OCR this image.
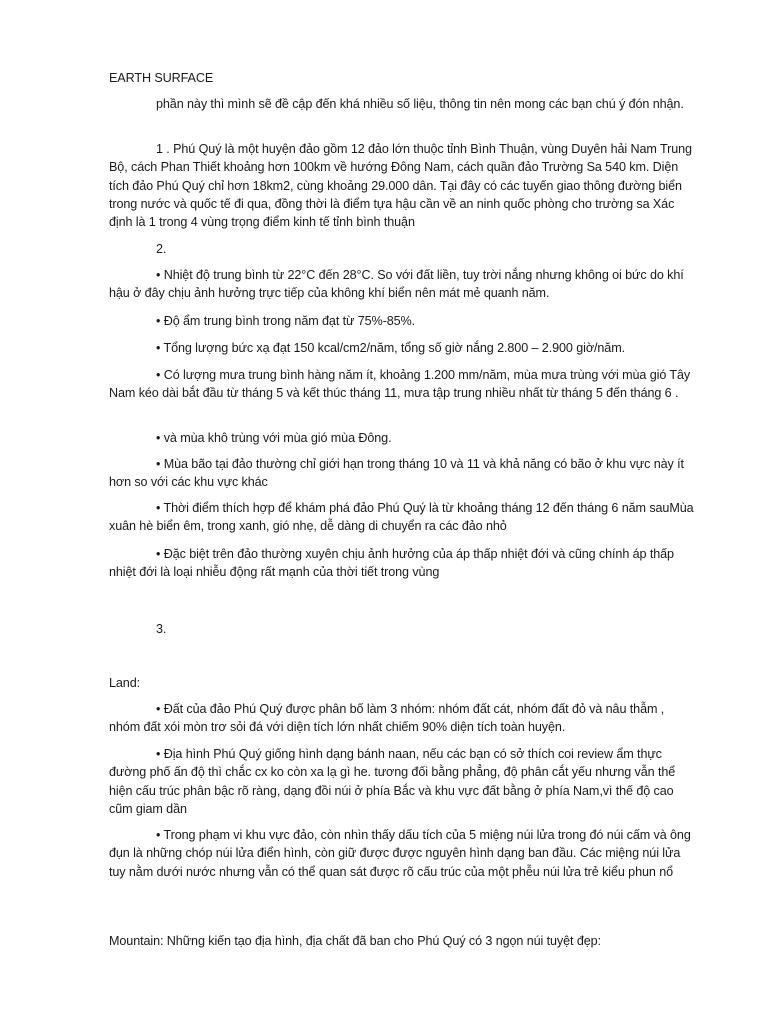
EARTH SURFACE

phần này thì mình sẽ đề cập đến khá nhiều số liệu, thông tin nên mong các bạn chú ý đón nhận.

1 . Phú Quý là một huyện đảo gồm 12 đảo lớn thuộc tỉnh Bình Thuận, vùng Duyên hải Nam Trung Bộ, cách Phan Thiết khoảng hơn 100km về hướng Đông Nam, cách quần đảo Trường Sa 540 km. Diện tích đảo Phú Quý chỉ hơn 18km2, cùng khoảng 29.000 dân. Tại đây có các tuyến giao thông đường biển trong nước và quốc tế đi qua, đồng thời là điểm tựa hậu cần về an ninh quốc phòng cho trường sa Xác định là 1 trong 4 vùng trọng điểm kinh tế tỉnh bình thuận

2.

• Nhiệt độ trung bình từ 22°C đến 28°C. So với đất liền, tuy trời nắng nhưng không oi bức do khí hậu ở đây chịu ảnh hưởng trực tiếp của không khí biển nên mát mẻ quanh năm.

• Độ ẩm trung bình trong năm đạt từ 75%-85%.

• Tổng lượng bức xạ đạt 150 kcal/cm2/năm, tổng số giờ nắng 2.800 – 2.900 giờ/năm.

• Có lượng mưa trung bình hàng năm ít, khoảng 1.200 mm/năm, mùa mưa trùng với mùa gió Tây Nam kéo dài bắt đầu từ tháng 5 và kết thúc tháng 11, mưa tập trung nhiều nhất từ tháng 5 đến tháng 6 .

• và mùa khô trùng với mùa gió mùa Đông.

• Mùa bão tại đảo thường chỉ giới hạn trong tháng 10 và 11 và khả năng có bão ở khu vực này ít hơn so với các khu vực khác

• Thời điểm thích hợp để khám phá đảo Phú Quý là từ khoảng tháng 12 đến tháng 6 năm sauMùa xuân hè biển êm, trong xanh, gió nhẹ, dễ dàng di chuyển ra các đảo nhỏ

• Đặc biệt trên đảo thường xuyên chịu ảnh hưởng của áp thấp nhiệt đới và cũng chính áp thấp nhiệt đới là loại nhiễu động rất mạnh của thời tiết trong vùng

3.

Land:

• Đất của đảo Phú Quý được phân bố làm 3 nhóm: nhóm đất cát, nhóm đất đỏ và nâu thẫm , nhóm đất xói mòn trơ sỏi đá với diện tích lớn nhất chiếm 90% diện tích toàn huyện.

• Địa hình Phú Quý giống hình dạng bánh naan, nếu các bạn có sở thích coi review ẩm thực đường phố ấn độ thì chắc cx ko còn xa lạ gì he. tương đối bằng phẳng, độ phân cắt yếu nhưng vẫn thể hiện cấu trúc phân bậc rõ ràng, dạng đồi núi ở phía Bắc và khu vực đất bằng ở phía Nam,vì thế độ cao cũm giam dần

• Trong phạm vi khu vực đảo, còn nhìn thấy dấu tích của 5 miệng núi lửa trong đó núi cấm và ông đụn là những chóp núi lửa điển hình, còn giữ được được nguyên hình dạng ban đầu. Các miệng núi lửa tuy nằm dưới nước nhưng vẫn có thể quan sát được rõ cấu trúc của một phễu núi lửa trẻ kiểu phun nổ

Mountain: Những kiến tạo địa hình, địa chất đã ban cho Phú Quý có 3 ngọn núi tuyệt đẹp:
